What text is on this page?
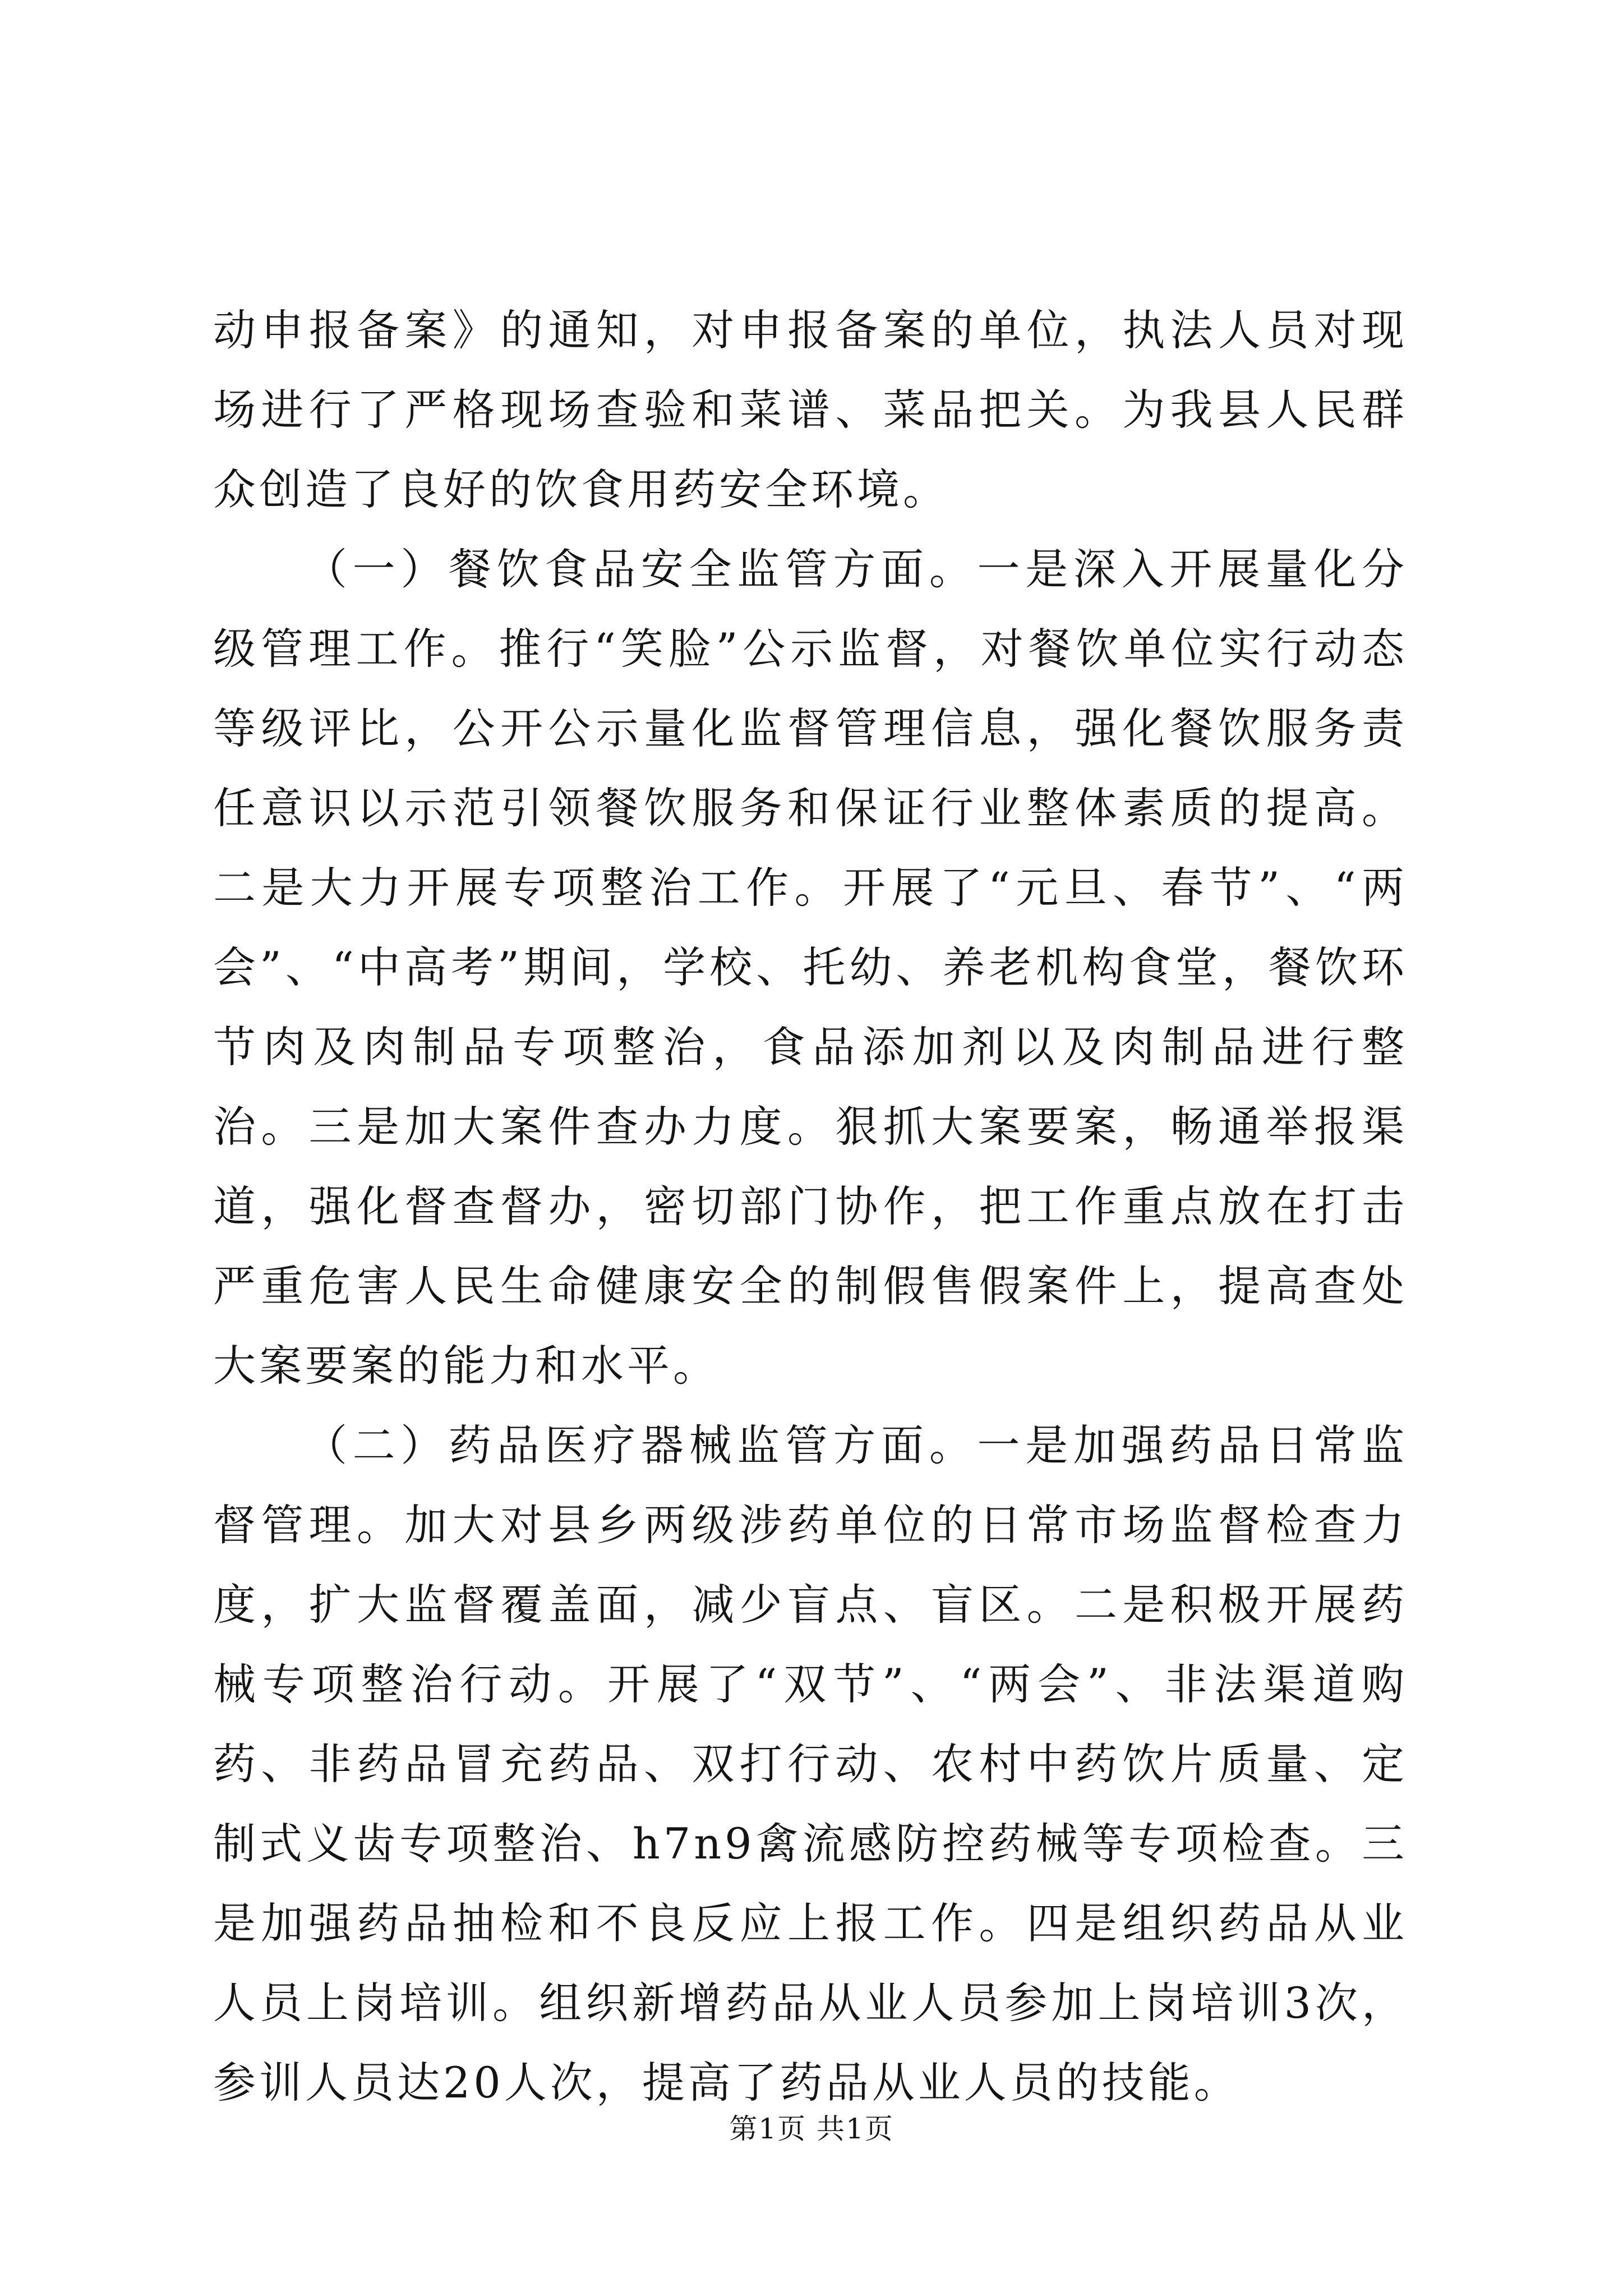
动申报备案》的通知，对申报备案的单位，执法人员对现场进行了严格现场查验和菜谱、菜品把关。为我县人民群众创造了良好的饮食用药安全环境。

（一）餐饮食品安全监管方面。一是深入开展量化分级管理工作。推行“笑脸”公示监督，对餐饮单位实行动态等级评比，公开公示量化监督管理信息，强化餐饮服务责任意识以示范引领餐饮服务和保证行业整体素质的提高。二是大力开展专项整治工作。开展了“元旦、春节”、“两会”、“中高考”期间，学校、托幼、养老机构食堂，餐饮环节肉及肉制品专项整治，食品添加剂以及肉制品进行整治。三是加大案件查办力度。狠抓大案要案，畅通举报渠道，强化督查督办，密切部门协作，把工作重点放在打击严重危害人民生命健康安全的制假售假案件上，提高查处大案要案的能力和水平。

（二）药品医疗器械监管方面。一是加强药品日常监督管理。加大对县乡两级涉药单位的日常市场监督检查力度，扩大监督覆盖面，减少盲点、盲区。二是积极开展药械专项整治行动。开展了“双节”、“两会”、非法渠道购药、非药品冒充药品、双打行动、农村中药饮片质量、定制式义齿专项整治、h7n9禽流感防控药械等专项检查。三是加强药品抽检和不良反应上报工作。四是组织药品从业人员上岗培训。组织新增药品从业人员参加上岗培训3次，参训人员达20人次，提高了药品从业人员的技能。

第1页 共1页
